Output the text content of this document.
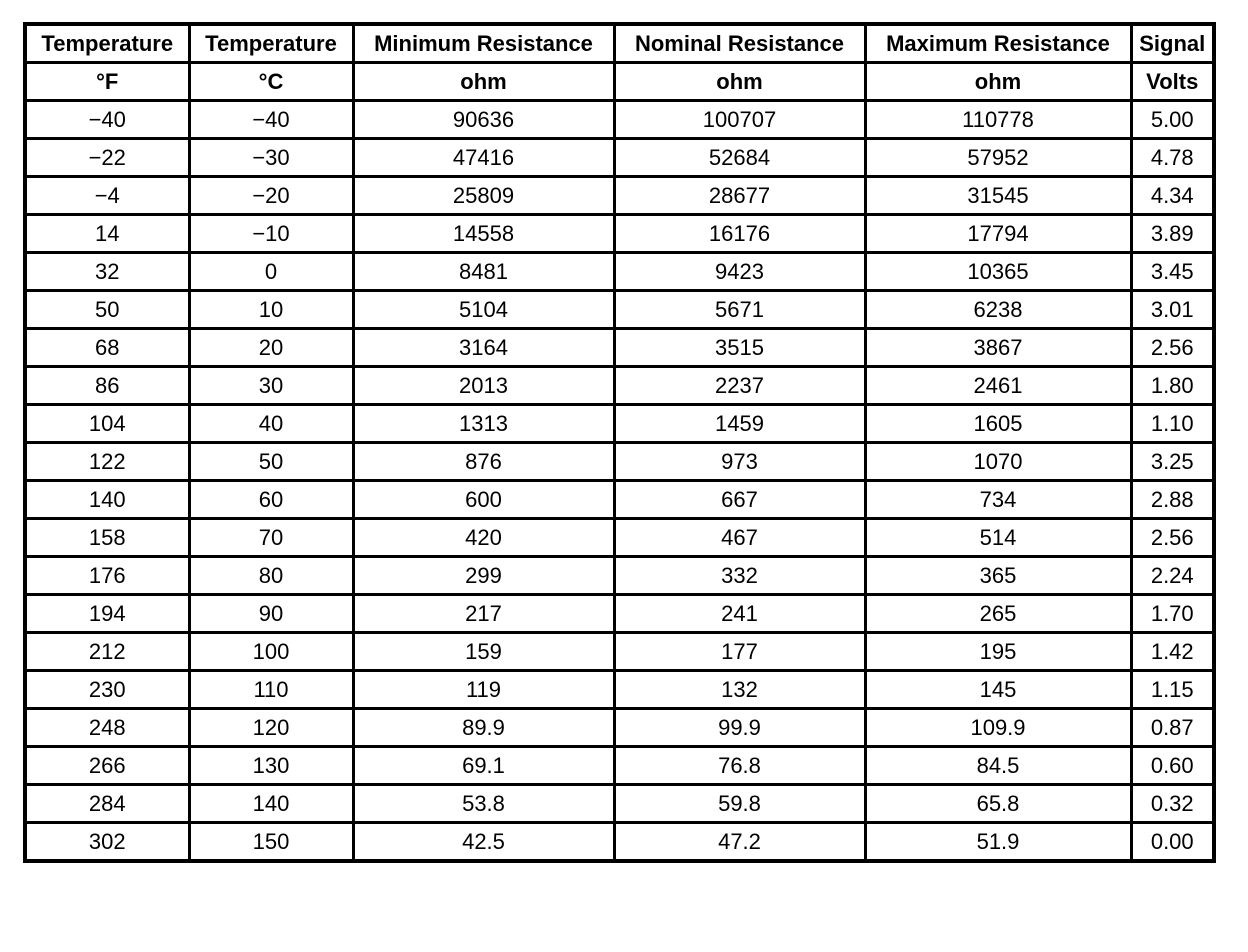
Temperature	Temperature	Minimum Resistance	Nominal Resistance	Maximum Resistance	Signal
°F	°C	ohm	ohm	ohm	Volts
−40	−40	90636	100707	110778	5.00
−22	−30	47416	52684	57952	4.78
−4	−20	25809	28677	31545	4.34
14	−10	14558	16176	17794	3.89
32	0	8481	9423	10365	3.45
50	10	5104	5671	6238	3.01
68	20	3164	3515	3867	2.56
86	30	2013	2237	2461	1.80
104	40	1313	1459	1605	1.10
122	50	876	973	1070	3.25
140	60	600	667	734	2.88
158	70	420	467	514	2.56
176	80	299	332	365	2.24
194	90	217	241	265	1.70
212	100	159	177	195	1.42
230	110	119	132	145	1.15
248	120	89.9	99.9	109.9	0.87
266	130	69.1	76.8	84.5	0.60
284	140	53.8	59.8	65.8	0.32
302	150	42.5	47.2	51.9	0.00
